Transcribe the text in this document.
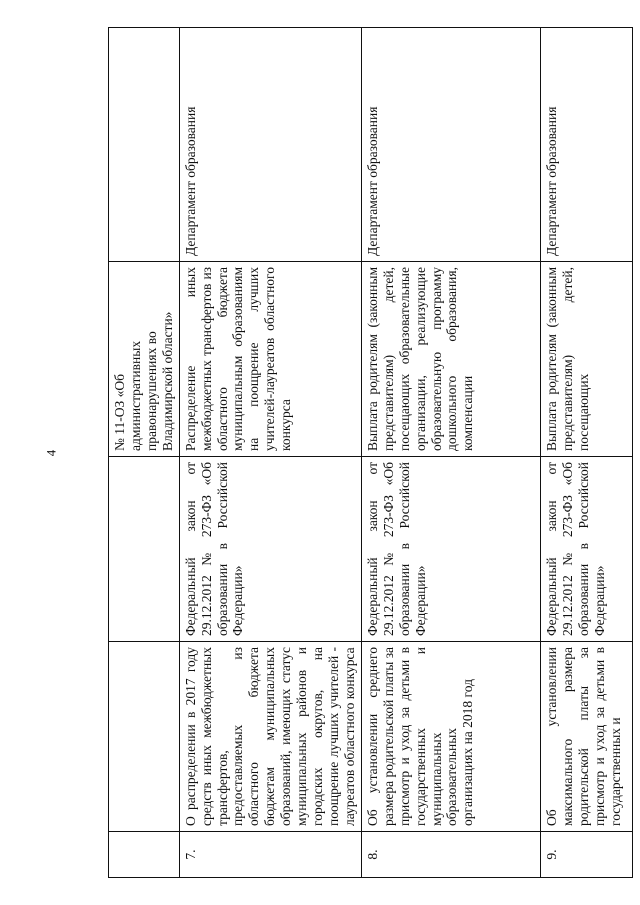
4
			№ 11-ОЗ «Об административных правонарушениях во Владимирской области»	
7.	О распределении в 2017 году средств иных межбюджетных трансфертов, предоставляемых из областного бюджета бюджетам муниципальных образований, имеющих статус муниципальных районов и городских округов, на поощрение лучших учителей - лауреатов областного конкурса	Федеральный закон от 29.12.2012 № 273-ФЗ «Об образовании в Российской Федерации»	Распределение иных межбюджетных трансфертов из областного бюджета муниципальным образованиям на поощрение лучших учителей-лауреатов областного конкурса	Департамент образования
8.	Об установлении среднего размера родительской платы за присмотр и уход за детьми в государственных и муниципальных образовательных организациях на 2018 год	Федеральный закон от 29.12.2012 № 273-ФЗ «Об образовании в Российской Федерации»	Выплата родителям (законным представителям) детей, посещающих образовательные организации, реализующие образовательную программу дошкольного образования, компенсации	Департамент образования
9.	Об установлении максимального размера родительской платы за присмотр и уход за детьми в государственных и	Федеральный закон от 29.12.2012 № 273-ФЗ «Об образовании в Российской Федерации»	Выплата родителям (законным представителям) детей, посещающих	Департамент образования
